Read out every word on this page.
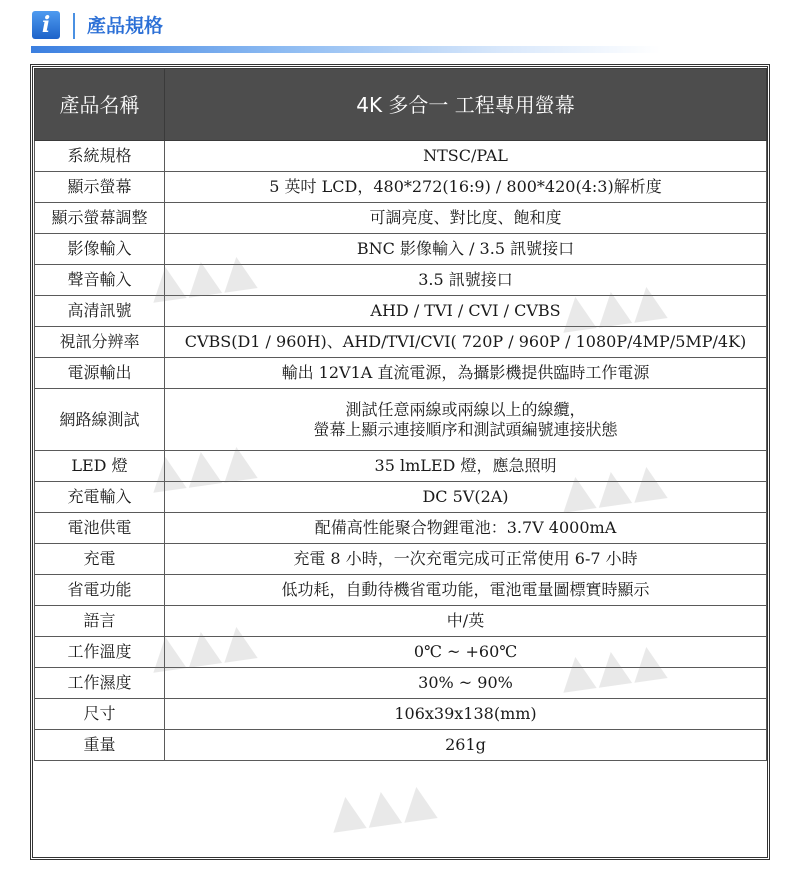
i	產品規格
產品名稱	4K 多合一 工程專用螢幕
系統規格	NTSC/PAL
顯示螢幕	5 英吋 LCD，480*272(16:9) / 800*420(4:3)解析度
顯示螢幕調整	可調亮度、對比度、飽和度
影像輸入	BNC 影像輸入 / 3.5 訊號接口
聲音輸入	3.5 訊號接口
高清訊號	AHD / TVI / CVI / CVBS
視訊分辨率	CVBS(D1 / 960H)、AHD/TVI/CVI( 720P / 960P / 1080P/4MP/5MP/4K)
電源輸出	輸出 12V1A 直流電源，為攝影機提供臨時工作電源
網路線測試	測試任意兩線或兩線以上的線纜，
螢幕上顯示連接順序和測試頭編號連接狀態

LED 燈	35 lmLED 燈，應急照明
充電輸入	DC 5V(2A)
電池供電	配備高性能聚合物鋰電池：3.7V 4000mA
充電	充電 8 小時，一次充電完成可正常使用 6-7 小時
省電功能	低功耗，自動待機省電功能，電池電量圖標實時顯示
語言	中/英
工作溫度	0℃ ~ +60℃
工作濕度	30% ~ 90%
尺寸	106x39x138(mm)
重量	261g
▲▲▲	▲▲▲
▲▲▲	▲▲▲
▲▲▲	▲▲▲
▲▲▲
